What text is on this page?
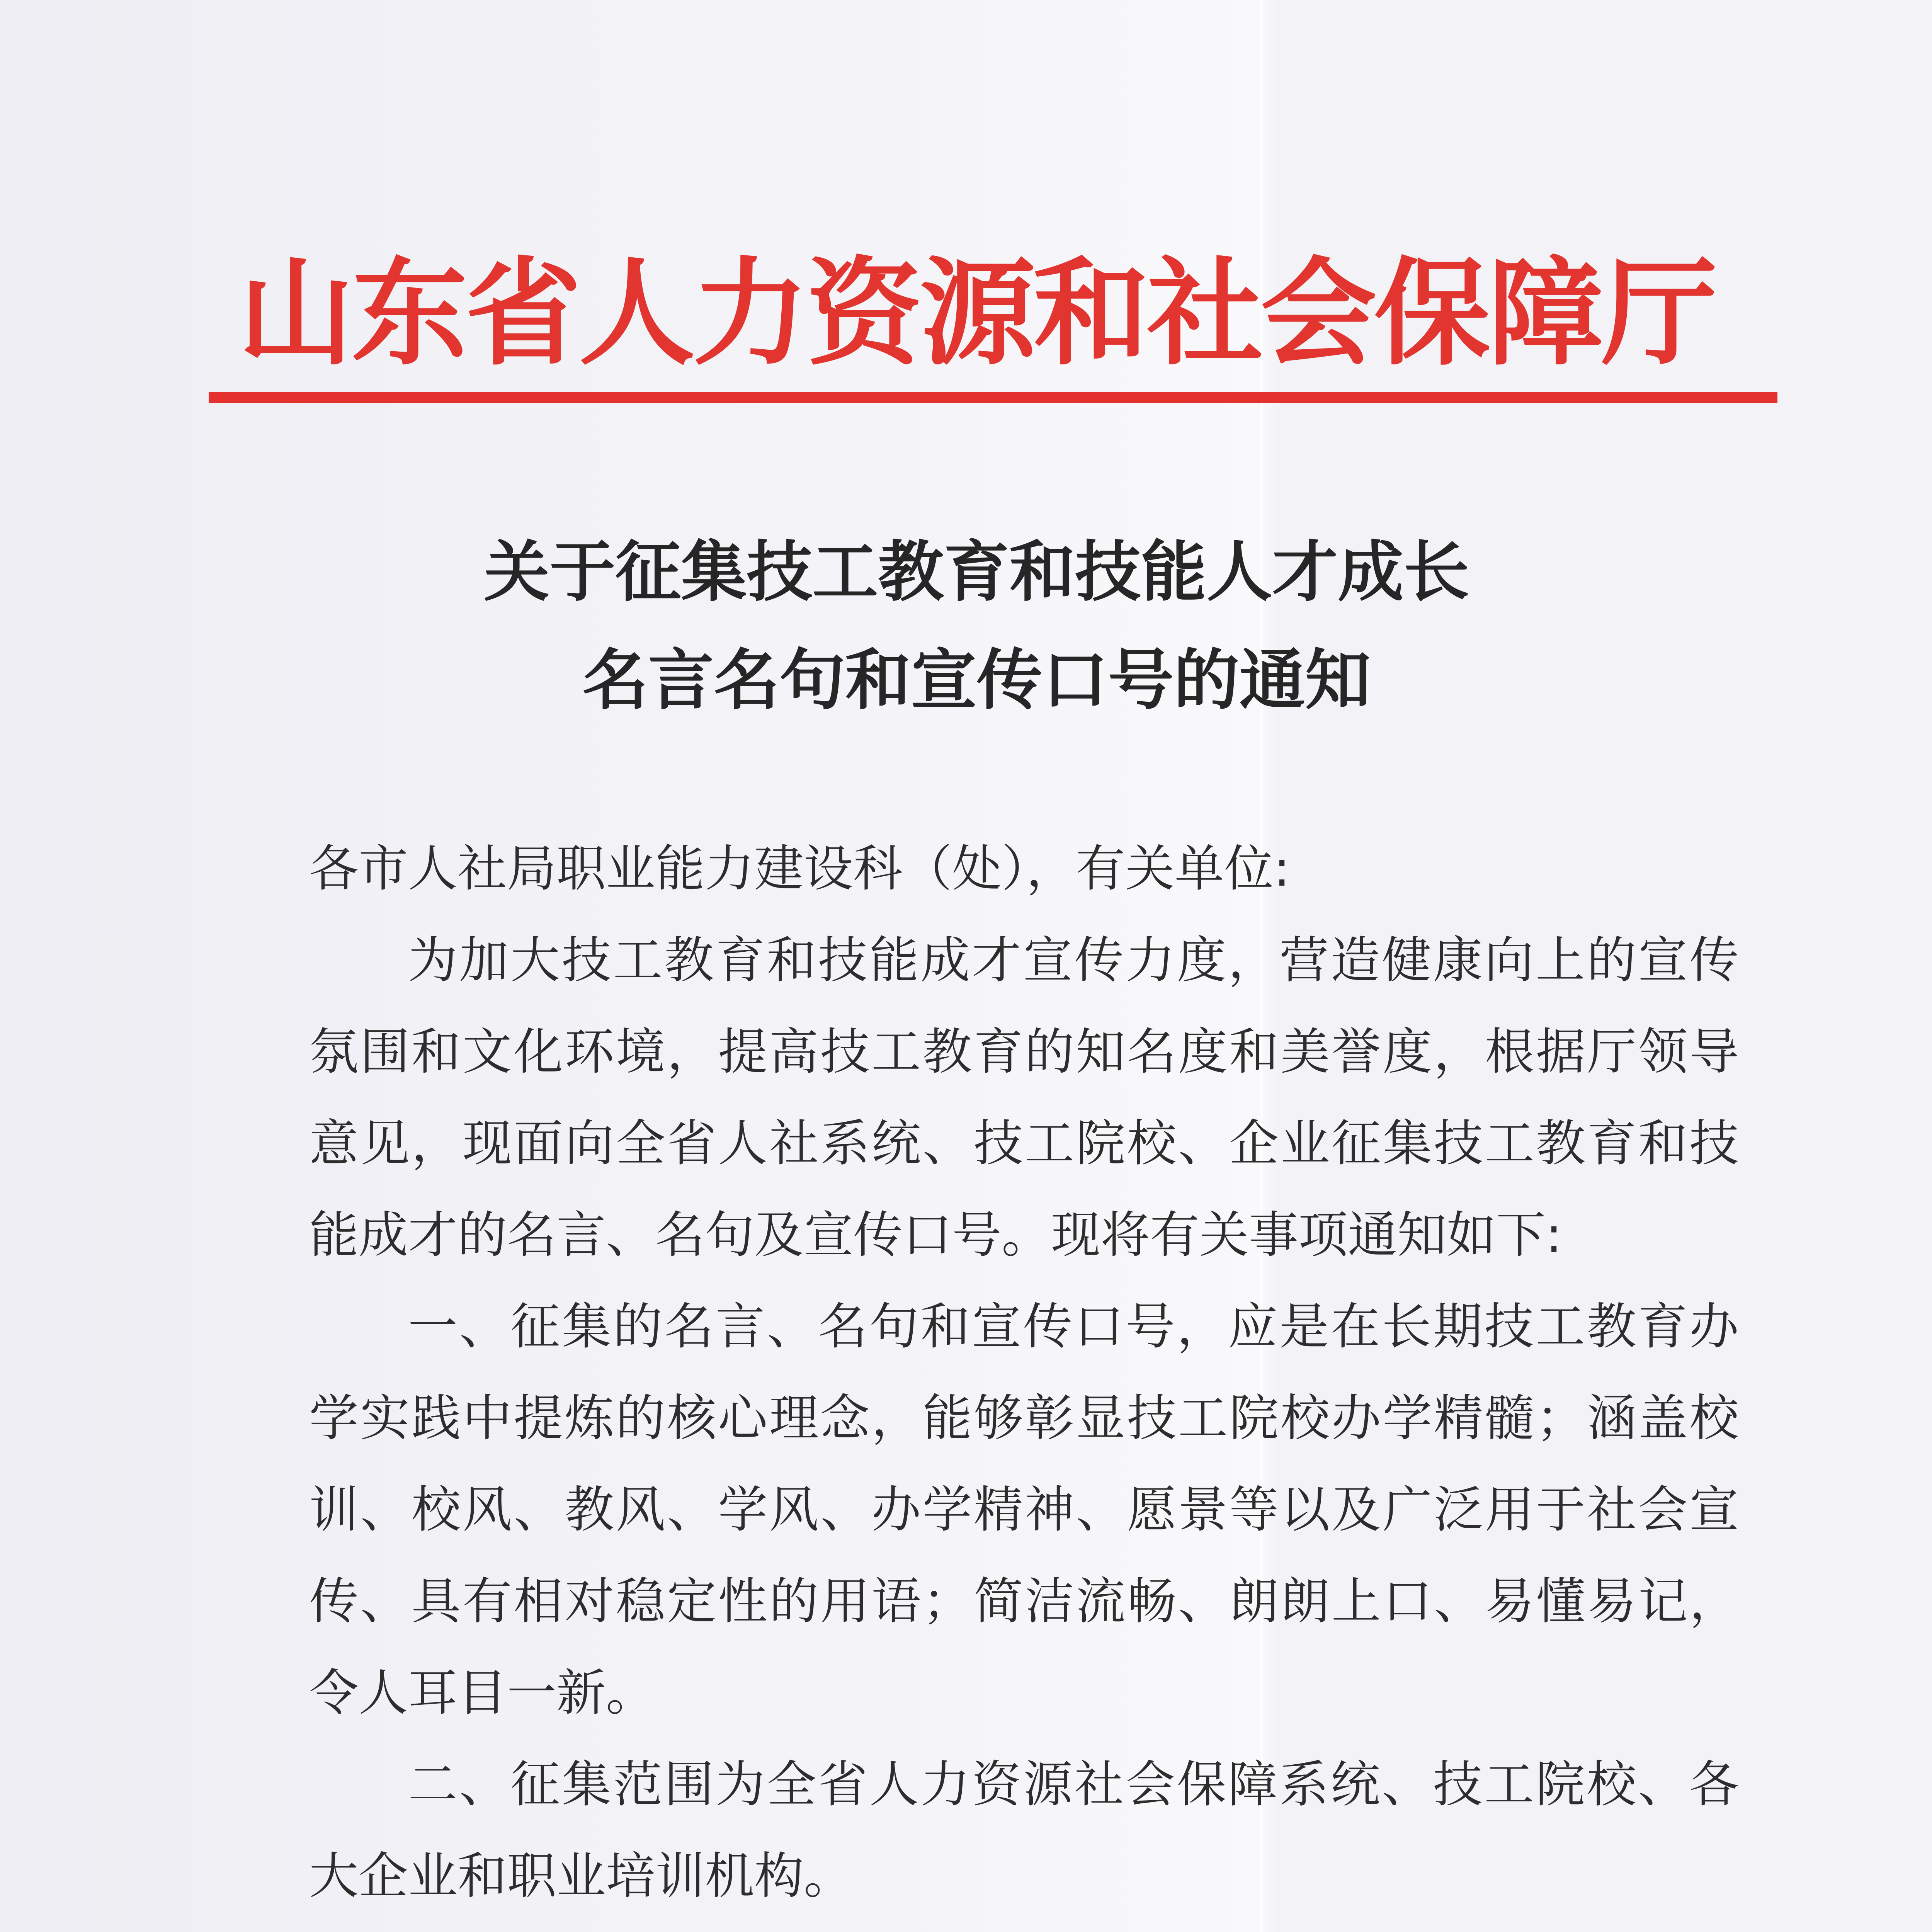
山东省人力资源和社会保障厅
关于征集技工教育和技能人才成长
名言名句和宣传口号的通知

各市人社局职业能力建设科（处），有关单位:

为加大技工教育和技能成才宣传力度，营造健康向上的宣传氛围和文化环境，提高技工教育的知名度和美誉度，根据厅领导意见，现面向全省人社系统、技工院校、企业征集技工教育和技能成才的名言、名句及宣传口号。现将有关事项通知如下:

一、征集的名言、名句和宣传口号，应是在长期技工教育办学实践中提炼的核心理念，能够彰显技工院校办学精髓；涵盖校训、校风、教风、学风、办学精神、愿景等以及广泛用于社会宣传、具有相对稳定性的用语；简洁流畅、朗朗上口、易懂易记，令人耳目一新。

二、征集范围为全省人力资源社会保障系统、技工院校、各大企业和职业培训机构。
